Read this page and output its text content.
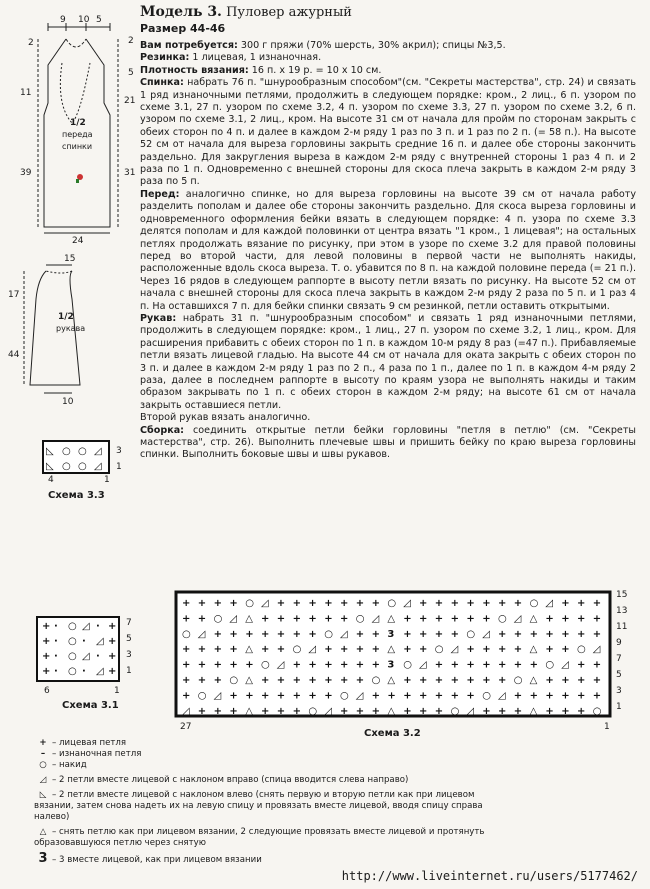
Модель 3. Пуловер ажурный
Размер 44-46
Вам потребуется: 300 г пряжи (70% шерсть, 30% акрил); спицы №3,5.
Резинка: 1 лицевая, 1 изнаночная.
Плотность вязания: 16 п. х 19 р. = 10 х 10 см.
Спинка: набрать 76 п. "шнурообразным способом"(см. "Секреты мастерства", стр. 24) и связать 1 ряд изнаночными петлями, продолжить в следующем порядке: кром., 2 лиц., 6 п. узором по схеме 3.1, 27 п. узором по схеме 3.2, 4 п. узором по схеме 3.3, 27 п. узором по схеме 3.2, 6 п. узором по схеме 3.1, 2 лиц., кром. На высоте 31 см от начала для пройм по сторонам закрыть с обеих сторон по 4 п. и далее в каждом 2-м ряду 1 раз по 3 п. и 1 раз по 2 п. (= 58 п.). На высоте 52 см от начала для выреза горловины закрыть средние 16 п. и далее обе стороны закончить раздельно. Для закругления выреза в каждом 2-м ряду с внутренней стороны 1 раз 4 п. и 2 раза по 1 п. Одновременно с внешней стороны для скоса плеча закрыть в каждом 2-м ряду 3 раза по 5 п.
Перед: аналогично спинке, но для выреза горловины на высоте 39 см от начала работу разделить пополам и далее обе стороны закончить раздельно. Для скоса выреза горловины и одновременного оформления бейки вязать в следующем порядке: 4 п. узора по схеме 3.3 делятся пополам и для каждой половинки от центра вязать "1 кром., 1 лицевая"; на остальных петлях продолжать вязание по рисунку, при этом в узоре по схеме 3.2 для правой половины перед во второй части, для левой половины в первой части не выполнять накиды, расположенные вдоль скоса выреза. Т. о. убавится по 8 п. на каждой половине переда (= 21 п.). Через 16 рядов в следующем раппорте в высоту петли вязать по рисунку. На высоте 52 см от начала с внешней стороны для скоса плеча закрыть в каждом 2-м ряду 2 раза по 5 п. и 1 раз 4 п. На оставшихся 7 п. для бейки спинки связать 9 см резинкой, петли оставить открытыми.
Рукав: набрать 31 п. "шнурообразным способом" и связать 1 ряд изнаночными петлями, продолжить в следующем порядке: кром., 1 лиц., 27 п. узором по схеме 3.2, 1 лиц., кром. Для расширения прибавить с обеих сторон по 1 п. в каждом 10-м ряду 8 раз (=47 п.). Прибавляемые петли вязать лицевой гладью. На высоте 44 см от начала для оката закрыть с обеих сторон по 3 п. и далее в каждом 2-м ряду 1 раз по 2 п., 4 раза по 1 п., далее по 1 п. в каждом 4-м ряду 2 раза, далее в последнем раппорте в высоту по краям узора не выполнять накиды и таким образом закрывать по 1 п. с обеих сторон в каждом 2-м ряду; на высоте 61 см от начала закрыть оставшиеся петли.
Второй рукав вязать аналогично.
Сборка: соединить открытые петли бейки горловины "петля в петлю" (см. "Секреты мастерства", стр. 26). Выполнить плечевые швы и пришить бейку по краю выреза горловины спинки. Выполнить боковые швы и швы рукавов.
9 10 5
2
11
39
2
5
21
31
1/2
переда
спинки
24
15
17
44
1/2
рукава
10
◺ ○ ○ ◿
◺ ○ ○ ◿
3
1
4	1
Схема 3.3
+ · ○ ◿ · +
+ · ○ · ◿ +
+ · ○ ◿ · +
+ · ○ · ◿ +
7
5
3
1
6	1
Схема 3.1
+ + + + ○ ◿ + + + + + + + ○ ◿ + + + + + + + ○ ◿ + + +
+ + ○ ◿ △ + + + + + + ○ ◿ △ + + + + + + ○ ◿ △ + + + +
○ ◿ + + + + + + + ○ ◿ + + 3 + + + + ○ ◿ + + + + + + +
+ + + + △ + + ○ ◿ + + + + △ + + ○ ◿ + + + + △ + + ○ ◿
+ + + + + ○ ◿ + + + + + + 3 ○ ◿ + + + + + + + ○ ◿ + +
+ + + ○ △ + + + + + + + ○ △ + + + + + + + ○ △ + + + +
+ ○ ◿ + + + + + + + ○ ◿ + + + + + + + ○ ◿ + + + + + +
◿ + + + △ + + + ○ ◿ + + + △ + + + ○ ◿ + + + △ + + + ○
15
13
11
9
7
5
3
1
27	1
Схема 3.2
+ – лицевая петля
– – изнаночная петля
○ – накид
◿ – 2 петли вместе лицевой с наклоном вправо (спица вводится слева направо)
◺ – 2 петли вместе лицевой с наклоном влево (снять первую и вторую петли как при лицевом вязании, затем снова надеть их на левую спицу и провязать вместе лицевой, вводя спицу справа налево)
△ – снять петлю как при лицевом вязании, 2 следующие провязать вместе лицевой и протянуть образовавшуюся петлю через снятую
3 – 3 вместе лицевой, как при лицевом вязании
http://www.liveinternet.ru/users/5177462/
